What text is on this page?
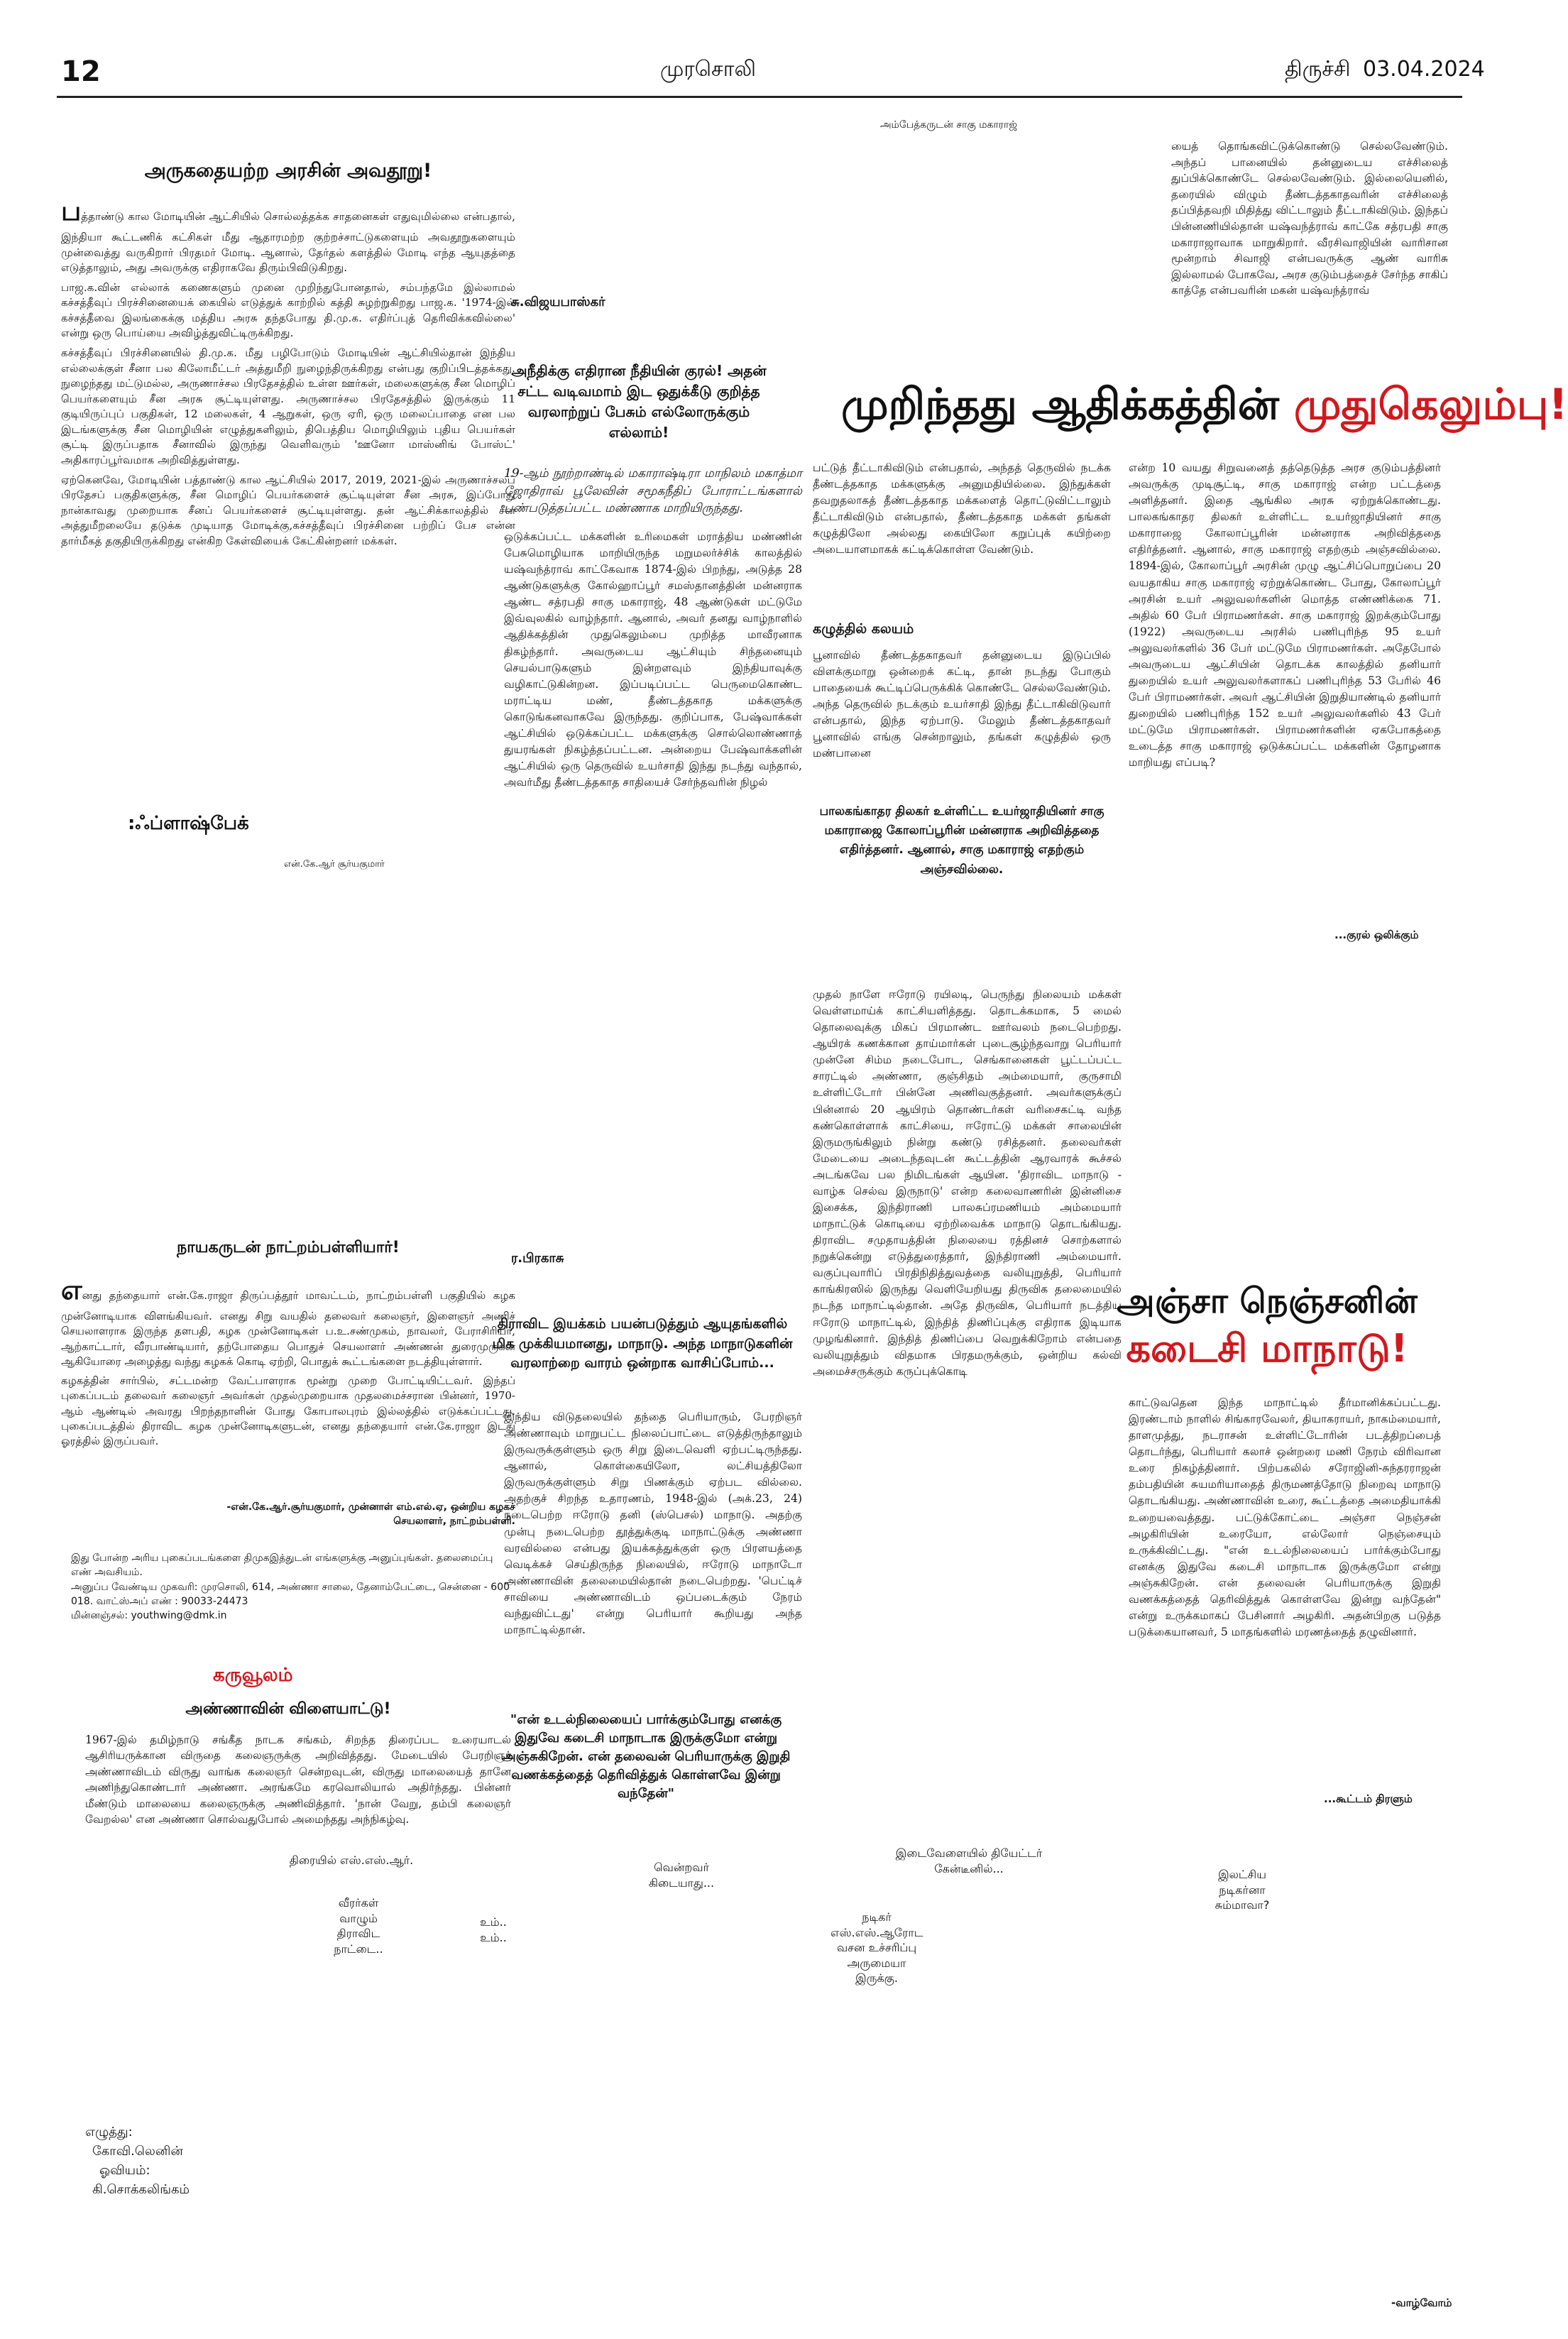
12	முரசொலி	திருச்சி 03.04.2024
அருகதையற்ற அரசின் அவதூறு!

பத்தாண்டு கால மோடியின் ஆட்சியில் சொல்லத்தக்க சாதனைகள் எதுவுமில்லை என்பதால், இந்தியா கூட்டணிக் கட்சிகள் மீது ஆதாரமற்ற குற்றச்சாட்டுகளையும் அவதூறுகளையும் முன்வைத்து வருகிறார் பிரதமர் மோடி. ஆனால், தேர்தல் களத்தில் மோடி எந்த ஆயுதத்தை எடுத்தாலும், அது அவருக்கு எதிராகவே திரும்பிவிடுகிறது.

பாஜ.க.வின் எல்லாக் கணைகளும் முனை முறிந்துபோனதால், சம்பந்தமே இல்லாமல் கச்சத்தீவுப் பிரச்சினையைக் கையில் எடுத்துக் காற்றில் கத்தி சுழற்றுகிறது பாஜ.க. '1974-இல் கச்சத்தீவை இலங்கைக்கு மத்திய அரசு தந்தபோது தி.மு.க. எதிர்ப்புத் தெரிவிக்கவில்லை' என்று ஒரு பொய்யை அவிழ்த்துவிட்டிருக்கிறது.

கச்சத்தீவுப் பிரச்சினையில் தி.மு.க. மீது பழிபோடும் மோடியின் ஆட்சியில்தான் இந்திய எல்லைக்குள் சீனா பல கிலோமீட்டர் அத்துமீறி நுழைந்திருக்கிறது என்பது குறிப்பிடத்தக்கது. நுழைந்தது மட்டுமல்ல, அருணாச்சல பிரதேசத்தில் உள்ள ஊர்கள், மலைகளுக்கு சீன மொழிப் பெயர்களையும் சீன அரசு சூட்டியுள்ளது. அருணாச்சல பிரதேசத்தில் இருக்கும் 11 குடியிருப்புப் பகுதிகள், 12 மலைகள், 4 ஆறுகள், ஒரு ஏரி, ஒரு மலைப்பாதை என பல இடங்களுக்கு சீன மொழியின் எழுத்துகளிலும், திபெத்திய மொழியிலும் புதிய பெயர்கள் சூட்டி இருப்பதாக சீனாவில் இருந்து வெளிவரும் 'ஊனோ மாஸ்னிங் போஸ்ட்' அதிகாரப்பூர்வமாக அறிவித்துள்ளது.

ஏற்கெனவே, மோடியின் பத்தாண்டு கால ஆட்சியில் 2017, 2019, 2021-இல் அருணாச்சலப் பிரதேசப் பகுதிகளுக்கு, சீன மொழிப் பெயர்களைச் சூட்டியுள்ள சீன அரசு, இப்போது நான்காவது முறையாக சீனப் பெயர்களைச் சூட்டியுள்ளது. தன் ஆட்சிக்காலத்தில் சீன அத்துமீறலையே தடுக்க முடியாத மோடிக்கு,கச்சத்தீவுப் பிரச்சினை பற்றிப் பேச என்ன தார்மீகத் தகுதியிருக்கிறது என்கிற கேள்வியைக் கேட்கின்றனர் மக்கள்.

:ஃப்ளாஷ்பேக்
என்.கே.ஆர் சூர்யகுமார்
நாயகருடன் நாட்றம்பள்ளியார்!

எனது தந்தையார் என்.கே.ராஜா திருப்பத்தூர் மாவட்டம், நாட்றம்பள்ளி பகுதியில் கழக முன்னோடியாக விளங்கியவர். எனது சிறு வயதில் தலைவர் கலைஞர், இளைஞர் அணிச் செயலாளராக இருந்த தளபதி, கழக முன்னோடிகள் ப.உ.சண்முகம், நாவலர், பேராசிரியர், ஆற்காட்டார், வீரபாண்டியார், தற்போதைய பொதுச் செயலாளர் அண்ணன் துரைமுருகன் ஆகியோரை அழைத்து வந்து கழகக் கொடி ஏற்றி, பொதுக் கூட்டங்களை நடத்தியுள்ளார்.

கழகத்தின் சார்பில், சட்டமன்ற வேட்பாளராக மூன்று முறை போட்டியிட்டவர். இந்தப் புகைப்படம் தலைவர் கலைஞர் அவர்கள் முதல்முறையாக முதலமைச்சரான பின்னர், 1970-ஆம் ஆண்டில் அவரது பிறந்தநாளின் போது கோபாலபுரம் இல்லத்தில் எடுக்கப்பட்டது. புகைப்படத்தில் திராவிட கழக முன்னோடிகளுடன், எனது தந்தையார் என்.கே.ராஜா இடது ஓரத்தில் இருப்பவர்.

-என்.கே.ஆர்.சூர்யகுமார், முன்னாள் எம்.எல்.ஏ, ஒன்றிய கழகச் செயலாளர், நாட்றம்பள்ளி.
இது போன்ற அரிய புகைப்படங்களை திமுகஇத்துடன் எங்களுக்கு அனுப்புங்கள். தலைமைப்பு எண் அவசியம்.
அனுப்ப வேண்டிய முகவரி: முரசொலி, 614, அண்ணா சாலை, தேனாம்பேட்டை, சென்னை - 600 018. வாட்ஸ்அப் எண் : 90033-24473
மின்னஞ்சல்: youthwing@dmk.in
கருவூலம்
அண்ணாவின் விளையாட்டு!
1967-இல் தமிழ்நாடு சங்கீத நாடக சங்கம், சிறந்த திரைப்பட உரையாடல் ஆசிரியருக்கான விருதை கலைஞருக்கு அறிவித்தது. மேடையில் பேரறிஞர் அண்ணாவிடம் விருது வாங்க கலைஞர் சென்றவுடன், விருது மாலையைத் தானே அணிந்துகொண்டார் அண்ணா. அரங்கமே கரவொலியால் அதிர்ந்தது. பின்னர் மீண்டும் மாலையை கலைஞருக்கு அணிவித்தார். 'நான் வேறு, தம்பி கலைஞர் வேறல்ல' என அண்ணா சொல்வதுபோல் அமைந்தது அந்நிகழ்வு.
அம்பேத்கருடன் சாகு மகாராஜ்
சு.விஜயபாஸ்கர்
அநீதிக்கு எதிரான நீதியின் குரல்! அதன் சட்ட வடிவமாம் இட ஒதுக்கீடு குறித்த வரலாற்றுப் பேசும் எல்லோருக்கும் எல்லாம்!
19-ஆம் நூற்றாண்டில் மகாராஷ்டிரா மாநிலம் மகாத்மா ஜோதிராவ் பூலேவின் சமூகநீதிப் போராட்டங்களால் பண்படுத்தப்பட்ட மண்ணாக மாறியிருந்தது.
ஒடுக்கப்பட்ட மக்களின் உரிமைகள் மராத்திய மண்ணின் பேசுமொழியாக மாறியிருந்த மறுமலர்ச்சிக் காலத்தில் யஷ்வந்த்ராவ் காட்கேவாக 1874-இல் பிறந்து, அடுத்த 28 ஆண்டுகளுக்கு கோல்ஹாப்பூர் சமஸ்தானத்தின் மன்னராக ஆண்ட சத்ரபதி சாகு மகாராஜ், 48 ஆண்டுகள் மட்டுமே இவ்வுலகில் வாழ்ந்தார். ஆனால், அவர் தனது வாழ்நாளில் ஆதிக்கத்தின் முதுகெலும்பை முறித்த மாவீரனாக திகழ்ந்தார். அவருடைய ஆட்சியும் சிந்தனையும் செயல்பாடுகளும் இன்றளவும் இந்தியாவுக்கு வழிகாட்டுகின்றன. இப்படிப்பட்ட பெருமைகொண்ட மராட்டிய மண், தீண்டத்தகாத மக்களுக்கு கொடுங்கனவாகவே இருந்தது. குறிப்பாக, பேஷ்வாக்கள் ஆட்சியில் ஒடுக்கப்பட்ட மக்களுக்கு சொல்லொண்ணாத் துயரங்கள் நிகழ்த்தப்பட்டன. அன்றைய பேஷ்வாக்களின் ஆட்சியில் ஒரு தெருவில் உயர்சாதி இந்து நடந்து வந்தால், அவர்மீது தீண்டத்தகாத சாதியைச் சேர்ந்தவரின் நிழல்
யைத் தொங்கவிட்டுக்கொண்டு செல்லவேண்டும். அந்தப் பானையில் தன்னுடைய எச்சிலைத் துப்பிக்கொண்டே செல்லவேண்டும். இல்லையெனில், தரையில் விழும் தீண்டத்தகாதவரின் எச்சிலைத் தப்பித்தவறி மிதித்து விட்டாலும் தீட்டாகிவிடும். இந்தப் பின்னணியில்தான் யஷ்வந்த்ராவ் காட்கே சத்ரபதி சாகு மகாராஜாவாக மாறுகிறார். வீரசிவாஜியின் வாரிசான மூன்றாம் சிவாஜி என்பவருக்கு ஆண் வாரிசு இல்லாமல் போகவே, அரச குடும்பத்தைச் சேர்ந்த சாகிப் காத்தே என்பவரின் மகன் யஷ்வந்த்ராவ்
முறிந்தது ஆதிக்கத்தின் முதுகெலும்பு!
பட்டுத் தீட்டாகிவிடும் என்பதால், அந்தத் தெருவில் நடக்க தீண்டத்தகாத மக்களுக்கு அனுமதியில்லை. இந்துக்கள் தவறுதலாகத் தீண்டத்தகாத மக்களைத் தொட்டுவிட்டாலும் தீட்டாகிவிடும் என்பதால், தீண்டத்தகாத மக்கள் தங்கள் கழுத்திலோ அல்லது கையிலோ கறுப்புக் கயிற்றை அடையாளமாகக் கட்டிக்கொள்ள வேண்டும்.
கழுத்தில் கலயம்
பூனாவில் தீண்டத்தகாதவர் தன்னுடைய இடுப்பில் விளக்குமாறு ஒன்றைக் கட்டி, தான் நடந்து போகும் பாதையைக் கூட்டிப்பெருக்கிக் கொண்டே செல்லவேண்டும். அந்த தெருவில் நடக்கும் உயர்சாதி இந்து தீட்டாகிவிடுவார் என்பதால், இந்த ஏற்பாடு. மேலும் தீண்டத்தகாதவர் பூனாவில் எங்கு சென்றாலும், தங்கள் கழுத்தில் ஒரு மண்பானை
பாலகங்காதர திலகர் உள்ளிட்ட உயர்ஜாதியினர் சாகு மகாராஜை கோலாப்பூரின் மன்னராக அறிவித்ததை எதிர்த்தனர். ஆனால், சாகு மகாராஜ் எதற்கும் அஞ்சவில்லை.
என்ற 10 வயது சிறுவனைத் தத்தெடுத்த அரச குடும்பத்தினர் அவருக்கு முடிசூட்டி, சாகு மகாராஜ் என்ற பட்டத்தை அளித்தனர். இதை ஆங்கில அரசு ஏற்றுக்கொண்டது. பாலகங்காதர திலகர் உள்ளிட்ட உயர்ஜாதியினர் சாகு மகாராஜை கோலாப்பூரின் மன்னராக அறிவித்ததை எதிர்த்தனர். ஆனால், சாகு மகாராஜ் எதற்கும் அஞ்சவில்லை. 1894-இல், கோலாப்பூர் அரசின் முழு ஆட்சிப்பொறுப்பை 20 வயதாகிய சாகு மகாராஜ் ஏற்றுக்கொண்ட போது, கோலாப்பூர் அரசின் உயர் அலுவலர்களின் மொத்த எண்ணிக்கை 71. அதில் 60 பேர் பிராமணர்கள். சாகு மகாராஜ் இறக்கும்போது (1922) அவருடைய அரசில் பணிபுரிந்த 95 உயர் அலுவலர்களில் 36 பேர் மட்டுமே பிராமணர்கள். அதேபோல் அவருடைய ஆட்சியின் தொடக்க காலத்தில் தனியார் துறையில் உயர் அலுவலர்களாகப் பணிபுரிந்த 53 பேரில் 46 பேர் பிராமணர்கள். அவர் ஆட்சியின் இறுதியாண்டில் தனியார் துறையில் பணிபுரிந்த 152 உயர் அலுவலர்களில் 43 பேர் மட்டுமே பிராமணர்கள். பிராமணர்களின் ஏகபோகத்தை உடைத்த சாகு மகாராஜ் ஒடுக்கப்பட்ட மக்களின் தோழனாக மாறியது எப்படி?
...குரல் ஒலிக்கும்
ர.பிரகாசு
திராவிட இயக்கம் பயன்படுத்தும் ஆயுதங்களில் மிக முக்கியமானது, மாநாடு. அந்த மாநாடுகளின் வரலாற்றை வாரம் ஒன்றாக வாசிப்போம்...
இந்திய விடுதலையில் தந்தை பெரியாரும், பேரறிஞர் அண்ணாவும் மாறுபட்ட நிலைப்பாட்டை எடுத்திருந்தாலும் இருவருக்குள்ளும் ஒரு சிறு இடைவெளி ஏற்பட்டிருந்தது. ஆனால், கொள்கையிலோ, லட்சியத்திலோ இருவருக்குள்ளும் சிறு பிணக்கும் ஏற்பட வில்லை. அதற்குச் சிறந்த உதாரணம், 1948-இல் (அக்.23, 24) நடைபெற்ற ஈரோடு தனி (ஸ்பெசல்) மாநாடு. அதற்கு முன்பு நடைபெற்ற தூத்துக்குடி மாநாட்டுக்கு அண்ணா வரவில்லை என்பது இயக்கத்துக்குள் ஒரு பிரளயத்தை வெடிக்கச் செய்திருந்த நிலையில், ஈரோடு மாநாடோ அண்ணாவின் தலைமையில்தான் நடைபெற்றது. 'பெட்டிச் சாவியை அண்ணாவிடம் ஒப்படைக்கும் நேரம் வந்துவிட்டது' என்று பெரியார் கூறியது அந்த மாநாட்டில்தான்.
"என் உடல்நிலையைப் பார்க்கும்போது எனக்கு இதுவே கடைசி மாநாடாக இருக்குமோ என்று அஞ்சுகிறேன். என் தலைவன் பெரியாருக்கு இறுதி வணக்கத்தைத் தெரிவித்துக் கொள்ளவே இன்று வந்தேன்"
முதல் நாளே ஈரோடு ரயிலடி, பெருந்து நிலையம் மக்கள் வெள்ளமாய்க் காட்சியளித்தது. தொடக்கமாக, 5 மைல் தொலைவுக்கு மிகப் பிரமாண்ட ஊர்வலம் நடைபெற்றது. ஆயிரக் கணக்கான தாய்மார்கள் புடைசூழ்ந்தவாறு பெரியார் முன்னே சிம்ம நடைபோட, செங்கானைகள் பூட்டப்பட்ட சாரட்டில் அண்ணா, குஞ்சிதம் அம்மையார், குருசாமி உள்ளிட்டோர் பின்னே அணிவகுத்தனர். அவர்களுக்குப் பின்னால் 20 ஆயிரம் தொண்டர்கள் வரிசைகட்டி வந்த கண்கொள்ளாக் காட்சியை, ஈரோட்டு மக்கள் சாலையின் இருமருங்கிலும் நின்று கண்டு ரசித்தனர். தலைவர்கள் மேடையை அடைந்தவுடன் கூட்டத்தின் ஆரவாரக் கூச்சல் அடங்கவே பல நிமிடங்கள் ஆயின. 'திராவிட மாநாடு - வாழ்க செல்வ இருநாடு' என்ற கலைவாணரின் இன்னிசை இசைக்க, இந்திராணி பாலசுப்ரமணியம் அம்மையார் மாநாட்டுக் கொடியை ஏற்றிவைக்க மாநாடு தொடங்கியது. திராவிட சமுதாயத்தின் நிலையை ரத்தினச் சொற்களால் நறுக்கென்று எடுத்துரைத்தார், இந்திராணி அம்மையார். வகுப்புவாரிப் பிரதிநிதித்துவத்தை வலியுறுத்தி, பெரியார் காங்கிரஸில் இருந்து வெளியேறியது திருவிக தலைமையில் நடந்த மாநாட்டில்தான். அதே திருவிக, பெரியார் நடத்திய ஈரோடு மாநாட்டில், இந்தித் திணிப்புக்கு எதிராக இடியாக முழங்கினார். இந்தித் திணிப்பை வெறுக்கிறோம் என்பதை வலியுறுத்தும் விதமாக பிரதமருக்கும், ஒன்றிய கல்வி அமைச்சருக்கும் கருப்புக்கொடி
அஞ்சா நெஞ்சனின்
கடைசி மாநாடு!
காட்டுவதென இந்த மாநாட்டில் தீர்மானிக்கப்பட்டது. இரண்டாம் நாளில் சிங்காரவேலர், தியாகராயர், நாகம்மையார், தாளமுத்து, நடராசன் உள்ளிட்டோரின் படத்திறப்பைத் தொடர்ந்து, பெரியார் கலாச் ஒன்றரை மணி நேரம் விரிவான உரை நிகழ்த்தினார். பிற்பகலில் சரோஜினி-சுந்தரராஜன் தம்பதியின் சுயமரியாதைத் திருமணத்தோடு நிறைவு மாநாடு தொடங்கியது. அண்ணாவின் உரை, கூட்டத்தை அமைதியாக்கி உறையவைத்தது. பட்டுக்கோட்டை அஞ்சா நெஞ்சன் அழகிரியின் உரையோ, எல்லோர் நெஞ்சையும் உருக்கிவிட்டது. "என் உடல்நிலையைப் பார்க்கும்போது எனக்கு இதுவே கடைசி மாநாடாக இருக்குமோ என்று அஞ்சுகிறேன். என் தலைவன் பெரியாருக்கு இறுதி வணக்கத்தைத் தெரிவித்துக் கொள்ளவே இன்று வந்தேன்" என்று உருக்கமாகப் பேசினார் அழகிரி. அதன்பிறகு படுத்த படுக்கையானவர், 5 மாதங்களில் மரணத்தைத் தழுவினார்.
...கூட்டம் திரளும்
திரையில் எஸ்.எஸ்.ஆர்.
வீரர்கள் வாழும் திராவிட நாட்டை..
வென்றவர் கிடையாது...
உம்.. உம்..
இடைவேளையில் தியேட்டர் கேன்டீனில்...
நடிகர் எஸ்.எஸ்.ஆரோட வசன உச்சரிப்பு அருமையா இருக்கு.
இலட்சிய நடிகர்னா சும்மாவா?
எழுத்து:
கோவி.லெனின்
ஓவியம்:
கி.சொக்கலிங்கம்
-வாழ்வோம்
